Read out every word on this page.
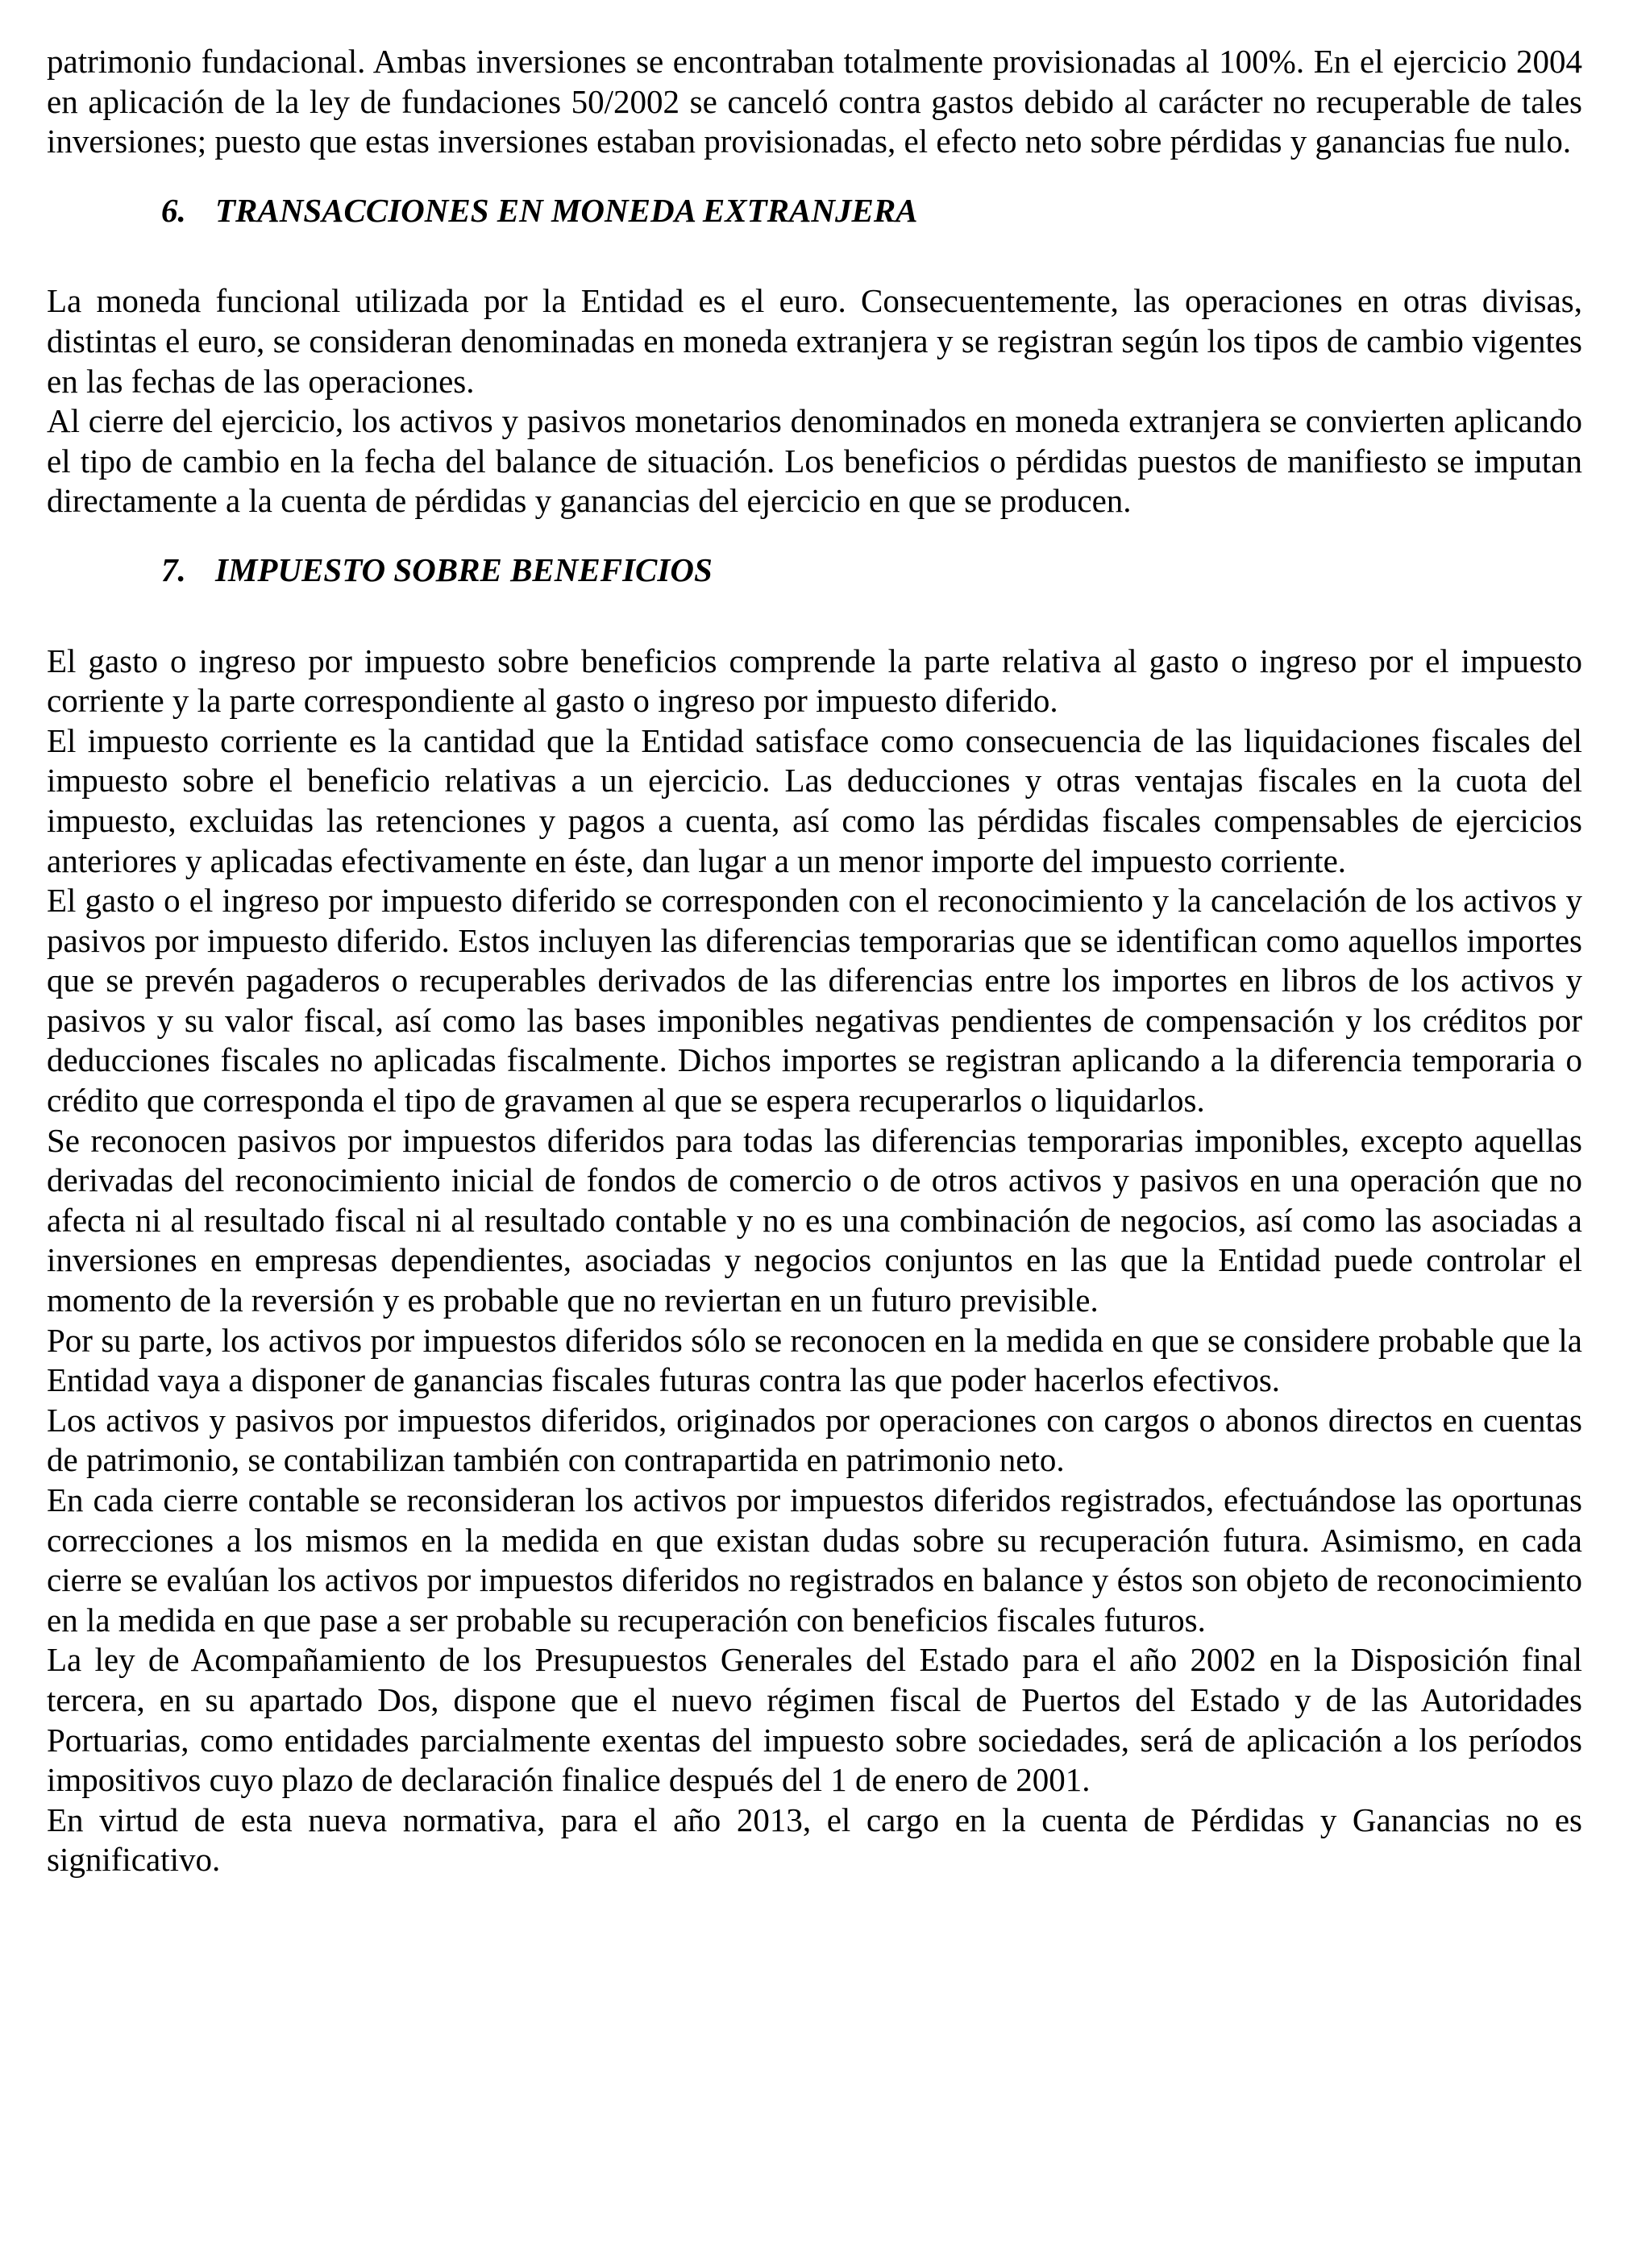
patrimonio fundacional. Ambas inversiones se encontraban totalmente provisionadas al 100%. En el ejercicio 2004 en aplicación de la ley de fundaciones 50/2002 se canceló contra gastos debido al carácter no recuperable de tales inversiones; puesto que estas inversiones estaban provisionadas, el efecto neto sobre pérdidas y ganancias fue nulo.

6. TRANSACCIONES EN MONEDA EXTRANJERA

La moneda funcional utilizada por la Entidad es el euro. Consecuentemente, las operaciones en otras divisas, distintas el euro, se consideran denominadas en moneda extranjera y se registran según los tipos de cambio vigentes en las fechas de las operaciones.

Al cierre del ejercicio, los activos y pasivos monetarios denominados en moneda extranjera se convierten aplicando el tipo de cambio en la fecha del balance de situación. Los beneficios o pérdidas puestos de manifiesto se imputan directamente a la cuenta de pérdidas y ganancias del ejercicio en que se producen.

7. IMPUESTO SOBRE BENEFICIOS

El gasto o ingreso por impuesto sobre beneficios comprende la parte relativa al gasto o ingreso por el impuesto corriente y la parte correspondiente al gasto o ingreso por impuesto diferido.

El impuesto corriente es la cantidad que la Entidad satisface como consecuencia de las liquidaciones fiscales del impuesto sobre el beneficio relativas a un ejercicio. Las deducciones y otras ventajas fiscales en la cuota del impuesto, excluidas las retenciones y pagos a cuenta, así como las pérdidas fiscales compensables de ejercicios anteriores y aplicadas efectivamente en éste, dan lugar a un menor importe del impuesto corriente.

El gasto o el ingreso por impuesto diferido se corresponden con el reconocimiento y la cancelación de los activos y pasivos por impuesto diferido. Estos incluyen las diferencias temporarias que se identifican como aquellos importes que se prevén pagaderos o recuperables derivados de las diferencias entre los importes en libros de los activos y pasivos y su valor fiscal, así como las bases imponibles negativas pendientes de compensación y los créditos por deducciones fiscales no aplicadas fiscalmente. Dichos importes se registran aplicando a la diferencia temporaria o crédito que corresponda el tipo de gravamen al que se espera recuperarlos o liquidarlos.

Se reconocen pasivos por impuestos diferidos para todas las diferencias temporarias imponibles, excepto aquellas derivadas del reconocimiento inicial de fondos de comercio o de otros activos y pasivos en una operación que no afecta ni al resultado fiscal ni al resultado contable y no es una combinación de negocios, así como las asociadas a inversiones en empresas dependientes, asociadas y negocios conjuntos en las que la Entidad puede controlar el momento de la reversión y es probable que no reviertan en un futuro previsible.

Por su parte, los activos por impuestos diferidos sólo se reconocen en la medida en que se considere probable que la Entidad vaya a disponer de ganancias fiscales futuras contra las que poder hacerlos efectivos.

Los activos y pasivos por impuestos diferidos, originados por operaciones con cargos o abonos directos en cuentas de patrimonio, se contabilizan también con contrapartida en patrimonio neto.

En cada cierre contable se reconsideran los activos por impuestos diferidos registrados, efectuándose las oportunas correcciones a los mismos en la medida en que existan dudas sobre su recuperación futura. Asimismo, en cada cierre se evalúan los activos por impuestos diferidos no registrados en balance y éstos son objeto de reconocimiento en la medida en que pase a ser probable su recuperación con beneficios fiscales futuros.

La ley de Acompañamiento de los Presupuestos Generales del Estado para el año 2002 en la Disposición final tercera, en su apartado Dos, dispone que el nuevo régimen fiscal de Puertos del Estado y de las Autoridades Portuarias, como entidades parcialmente exentas del impuesto sobre sociedades, será de aplicación a los períodos impositivos cuyo plazo de declaración finalice después del 1 de enero de 2001.

En virtud de esta nueva normativa, para el año 2013, el cargo en la cuenta de Pérdidas y Ganancias no es significativo.
